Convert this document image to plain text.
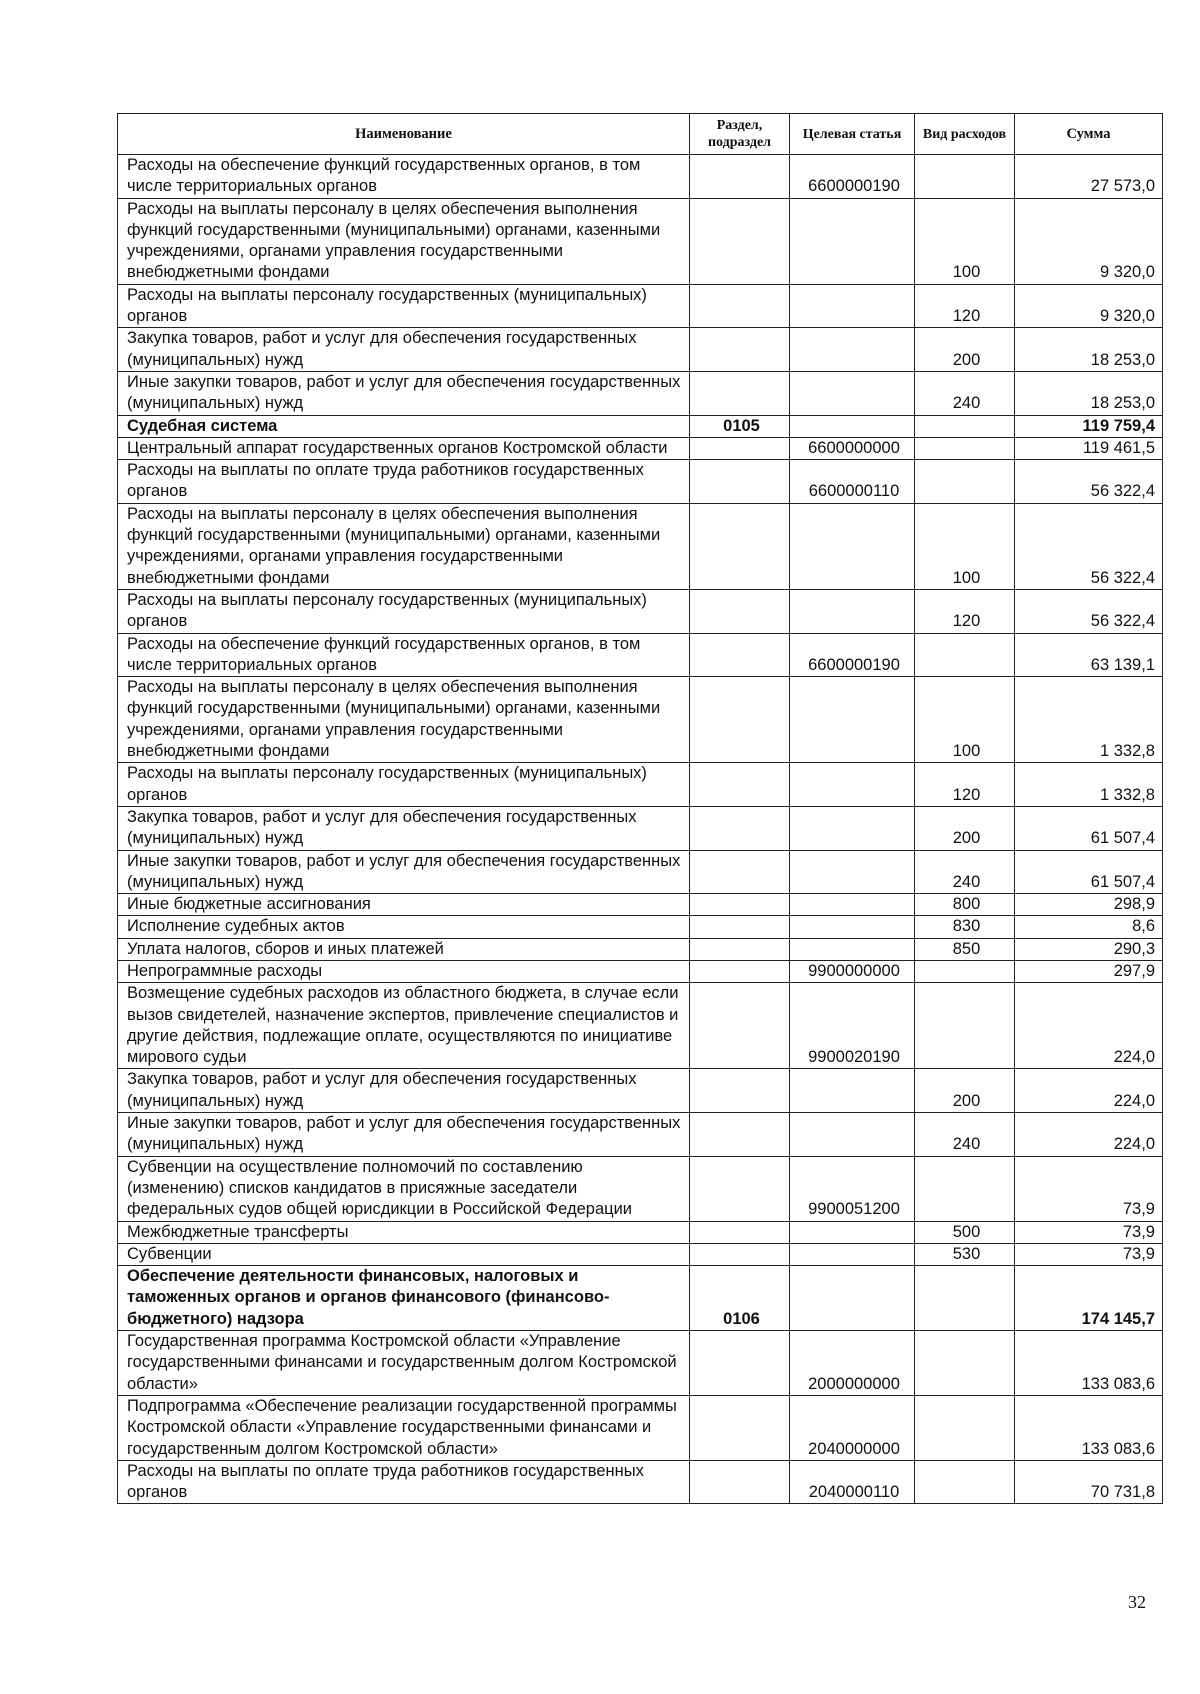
Наименование	Раздел, подраздел	Целевая статья	Вид расходов	Сумма
Расходы на обеспечение функций государственных органов, в том числе территориальных органов		6600000190		27 573,0
Расходы на выплаты персоналу в целях обеспечения выполнения функций государственными (муниципальными) органами, казенными учреждениями, органами управления государственными внебюджетными фондами			100	9 320,0
Расходы на выплаты персоналу государственных (муниципальных) органов			120	9 320,0
Закупка товаров, работ и услуг для обеспечения государственных (муниципальных) нужд			200	18 253,0
Иные закупки товаров, работ и услуг для обеспечения государственных (муниципальных) нужд			240	18 253,0
Судебная система	0105			119 759,4
Центральный аппарат государственных органов Костромской области		6600000000		119 461,5
Расходы на выплаты по оплате труда работников государственных органов		6600000110		56 322,4
Расходы на выплаты персоналу в целях обеспечения выполнения функций государственными (муниципальными) органами, казенными учреждениями, органами управления государственными внебюджетными фондами			100	56 322,4
Расходы на выплаты персоналу государственных (муниципальных) органов			120	56 322,4
Расходы на обеспечение функций государственных органов, в том числе территориальных органов		6600000190		63 139,1
Расходы на выплаты персоналу в целях обеспечения выполнения функций государственными (муниципальными) органами, казенными учреждениями, органами управления государственными внебюджетными фондами			100	1 332,8
Расходы на выплаты персоналу государственных (муниципальных) органов			120	1 332,8
Закупка товаров, работ и услуг для обеспечения государственных (муниципальных) нужд			200	61 507,4
Иные закупки товаров, работ и услуг для обеспечения государственных (муниципальных) нужд			240	61 507,4
Иные бюджетные ассигнования			800	298,9
Исполнение судебных актов			830	8,6
Уплата налогов, сборов и иных платежей			850	290,3
Непрограммные расходы		9900000000		297,9
Возмещение судебных расходов из областного бюджета, в случае если вызов свидетелей, назначение экспертов, привлечение специалистов и другие действия, подлежащие оплате, осуществляются по инициативе мирового судьи		9900020190		224,0
Закупка товаров, работ и услуг для обеспечения государственных (муниципальных) нужд			200	224,0
Иные закупки товаров, работ и услуг для обеспечения государственных (муниципальных) нужд			240	224,0
Субвенции на осуществление полномочий по составлению (изменению) списков кандидатов в присяжные заседатели федеральных судов общей юрисдикции в Российской Федерации		9900051200		73,9
Межбюджетные трансферты			500	73,9
Субвенции			530	73,9
Обеспечение деятельности финансовых, налоговых и таможенных органов и органов финансового (финансово-бюджетного) надзора	0106			174 145,7
Государственная программа Костромской области «Управление государственными финансами и государственным долгом Костромской области»		2000000000		133 083,6
Подпрограмма «Обеспечение реализации государственной программы Костромской области «Управление государственными финансами и государственным долгом Костромской области»		2040000000		133 083,6
Расходы на выплаты по оплате труда работников государственных органов		2040000110		70 731,8
32
